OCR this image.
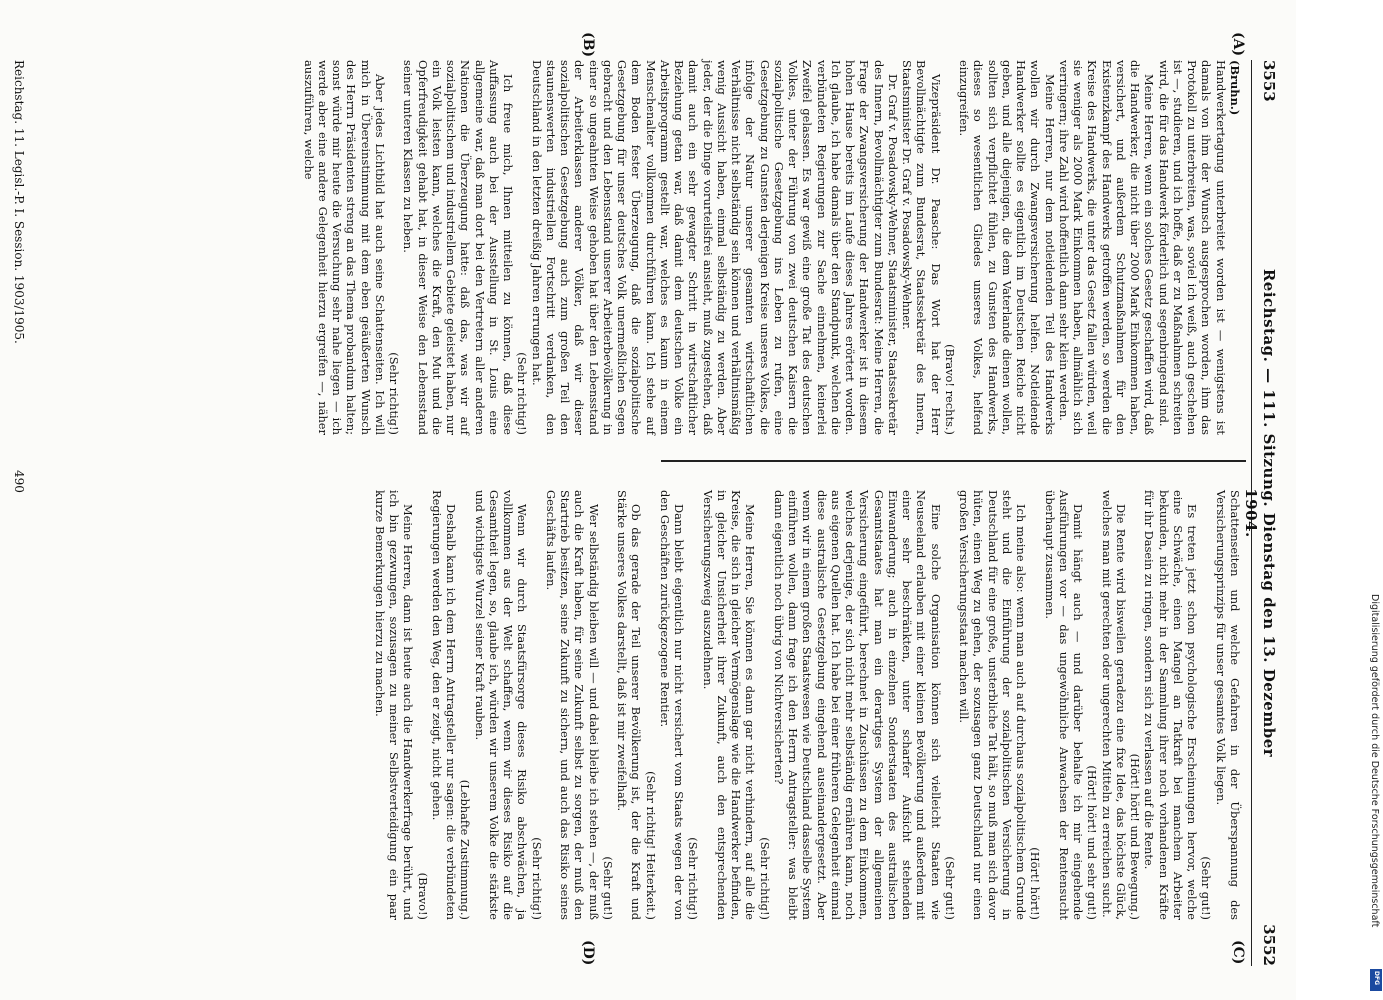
3553
Reichstag. — 111. Sitzung. Dienstag den 13. Dezember 1904.
3552
(A)
(B)
(C)
(D)

(Bruhn.)

Handwerkertagung unterbreitet worden ist — wenigstens ist damals von ihm der Wunsch ausgesprochen worden, ihm das Protokoll zu unterbreiten, was, soviel ich weiß, auch geschehen ist —, studieren, und ich hoffe, daß er zu Maßnahmen schreiten wird, die für das Handwerk förderlich und segenbringend sind.

Meine Herren, wenn ein solches Gesetz geschaffen wird, daß die Handwerker, die nicht über 2000 Mark Einkommen haben, versichert, und außerdem Schutzmaßnahmen für den Existenzkampf des Handwerks getroffen werden, so werden die Kreise des Handwerks, die unter das Gesetz fallen würden, weil sie weniger als 2000 Mark Einkommen haben, allmählich sich verringern; ihre Zahl wird hoffentlich dann sehr klein werden.

Meine Herren, nur dem notleidenden Teil des Handwerks wollen wir durch Zwangsversicherung helfen. Notleidende Handwerker sollte es eigentlich im Deutschen Reiche nicht geben, und alle diejenigen, die dem Vaterlande dienen wollen, sollten sich verpflichtet fühlen, zu Gunsten des Handwerks, dieses so wesentlichen Gliedes unseres Volkes, helfend einzugreifen.

(Bravo! rechts.)

Vizepräsident Dr. Paasche: Das Wort hat der Herr Bevollmächtigte zum Bundesrat, Staatssekretär des Innern, Staatsminister Dr. Graf v. Posadowsky-Wehner.

Dr. Graf v. Posadowsky-Wehner, Staatsminister, Staatssekretär des Innern, Bevollmächtigter zum Bundesrat: Meine Herren, die Frage der Zwangsversicherung der Handwerker ist in diesem hohen Hause bereits im Laufe dieses Jahres erörtert worden. Ich glaube, ich habe damals über den Standpunkt, welchen die verbündeten Regierungen zur Sache einnehmen, keinerlei Zweifel gelassen. Es war gewiß eine große Tat des deutschen Volkes, unter der Führung von zwei deutschen Kaisern die sozialpolitische Gesetzgebung ins Leben zu rufen, eine Gesetzgebung zu Gunsten derjenigen Kreise unseres Volkes, die infolge der Natur unserer gesamten wirtschaftlichen Verhältnisse nicht selbständig sein können und verhältnismäßig wenig Aussicht haben, einmal selbständig zu werden. Aber jeder, der die Dinge vorurteilsfrei ansieht, muß zugestehen, daß damit auch ein sehr gewagter Schritt in wirtschaftlicher Beziehung getan war, daß damit dem deutschen Volke ein Arbeitsprogramm gestellt war, welches es kaum in einem Menschenalter vollkommen durchführen kann. Ich stehe auf dem Boden fester Überzeugung, daß die sozialpolitische Gesetzgebung für unser deutsches Volk unermeßlichen Segen gebracht und den Lebensstand unserer Arbeiterbevölkerung in einer so ungeahnten Weise gehoben hat über den Lebensstand der Arbeiterklassen anderer Völker, daß wir dieser sozialpolitischen Gesetzgebung auch zum großen Teil den staunenswerten industriellen Fortschritt verdanken, den Deutschland in den letzten dreißig Jahren errungen hat.

(Sehr richtig!)

Ich freue mich, Ihnen mitteilen zu können, daß diese Auffassung auch bei der Ausstellung in St. Louis eine allgemeine war, daß man dort bei den Vertretern aller anderen Nationen die Überzeugung hatte: daß das, was wir auf sozialpolitischem und industriellem Gebiete geleistet haben, nur ein Volk leisten kann, welches die Kraft, den Mut und die Opferfreudigkeit gehabt hat, in dieser Weise den Lebensstand seiner unteren Klassen zu heben.

(Sehr richtig!)

Aber jedes Lichtbild hat auch seine Schattenseiten. Ich will mich in Übereinstimmung mit dem eben geäußerten Wunsch des Herrn Präsidenten streng an das Thema probandum halten; sonst würde mir heute die Versuchung sehr nahe liegen — ich werde aber eine andere Gelegenheit hierzu ergreifen —, näher auszuführen, welche

Schattenseiten und welche Gefahren in der Überspannung des Versicherungsprinzips für unser gesamtes Volk liegen.

(Sehr gut!)

Es treten jetzt schon psychologische Erscheinungen hervor, welche eine Schwäche, einen Mangel an Tatkraft bei manchem Arbeiter bekunden, nicht mehr in der Sammlung ihrer noch vorhandenen Kräfte für ihr Dasein zu ringen, sondern sich zu verlassen auf die Rente.

(Hört! hört! und Bewegung.)

Die Rente wird bisweilen geradezu eine fixe Idee, das höchste Glück, welches man mit gerechten oder ungerechten Mitteln zu erreichen sucht.

(Hört! hört! und sehr gut!)

Damit hängt auch — und darüber behalte ich mir eingehende Ausführungen vor — das ungewöhnliche Anwachsen der Rentensucht überhaupt zusammen.

(Hört! hört!)

Ich meine also: wenn man auch auf durchaus sozialpolitischem Grunde steht und die Einführung der sozialpolitischen Versicherung in Deutschland für eine große, unsterbliche Tat hält, so muß man sich davor hüten, einen Weg zu gehen, der sozusagen ganz Deutschland nur einen großen Versicherungsstaat machen will.

(Sehr gut!)

Eine solche Organisation können sich vielleicht Staaten wie Neuseeland erlauben mit einer kleinen Bevölkerung und außerdem mit einer sehr beschränkten, unter scharfer Aufsicht stehenden Einwanderung; auch in einzelnen Sonderstaaten des australischen Gesamtstaates hat man ein derartiges System der allgemeinen Versicherung eingeführt, berechnet in Zuschüssen zu dem Einkommen, welches derjenige, der sich nicht mehr selbständig ernähren kann, noch aus eigenen Quellen hat. Ich habe bei einer früheren Gelegenheit einmal diese australische Gesetzgebung eingehend auseinandergesetzt. Aber wenn wir in einem großen Staatswesen wie Deutschland dasselbe System einführen wollen, dann frage ich den Herrn Antragsteller: was bleibt dann eigentlich noch übrig von Nichtversicherten?

(Sehr richtig!)

Meine Herren, Sie können es dann gar nicht verhindern, auf alle die Kreise, die sich in gleicher Vermögenslage wie die Handwerker befinden, in gleicher Unsicherheit ihrer Zukunft, auch den entsprechenden Versicherungszweig auszudehnen.

(Sehr richtig!)

Dann bleibt eigentlich nur nicht versichert vom Staats wegen der von den Geschäften zurückgezogene Rentier.

(Sehr richtig! Heiterkeit.)

Ob das gerade der Teil unserer Bevölkerung ist, der die Kraft und Stärke unseres Volkes darstellt, daß ist mir zweifelhaft.

(Sehr gut!)

Wer selbständig bleiben will — und dabei bleibe ich stehen —, der muß auch die Kraft haben, für seine Zukunft selbst zu sorgen, der muß den Startrieb besitzen, seine Zukunft zu sichern, und auch das Risiko seines Geschäfts laufen.

(Sehr richtig!)

Wenn wir durch Staatsfürsorge dieses Risiko abschwächen, ja vollkommen aus der Welt schaffen, wenn wir dieses Risiko auf die Gesamtheit legen, so, glaube ich, würden wir unserem Volke die stärkste und wichtigste Wurzel seiner Kraft rauben.

(Lebhafte Zustimmung.)

Deshalb kann ich dem Herrn Antragsteller nur sagen: die verbündeten Regierungen werden den Weg, den er zeigt, nicht gehen.

(Bravo!)

Meine Herren, dann ist heute auch die Handwerkerfrage berührt, und ich bin gezwungen, sozusagen zu meiner Selbstverteidigung ein paar kurze Bemerkungen hierzu zu machen.

Reichstag. 11. Legisl.-P. I. Session. 1903/1905.
490
Digitalisierung gefördert durch die Deutsche Forschungsgemeinschaft
DFG
